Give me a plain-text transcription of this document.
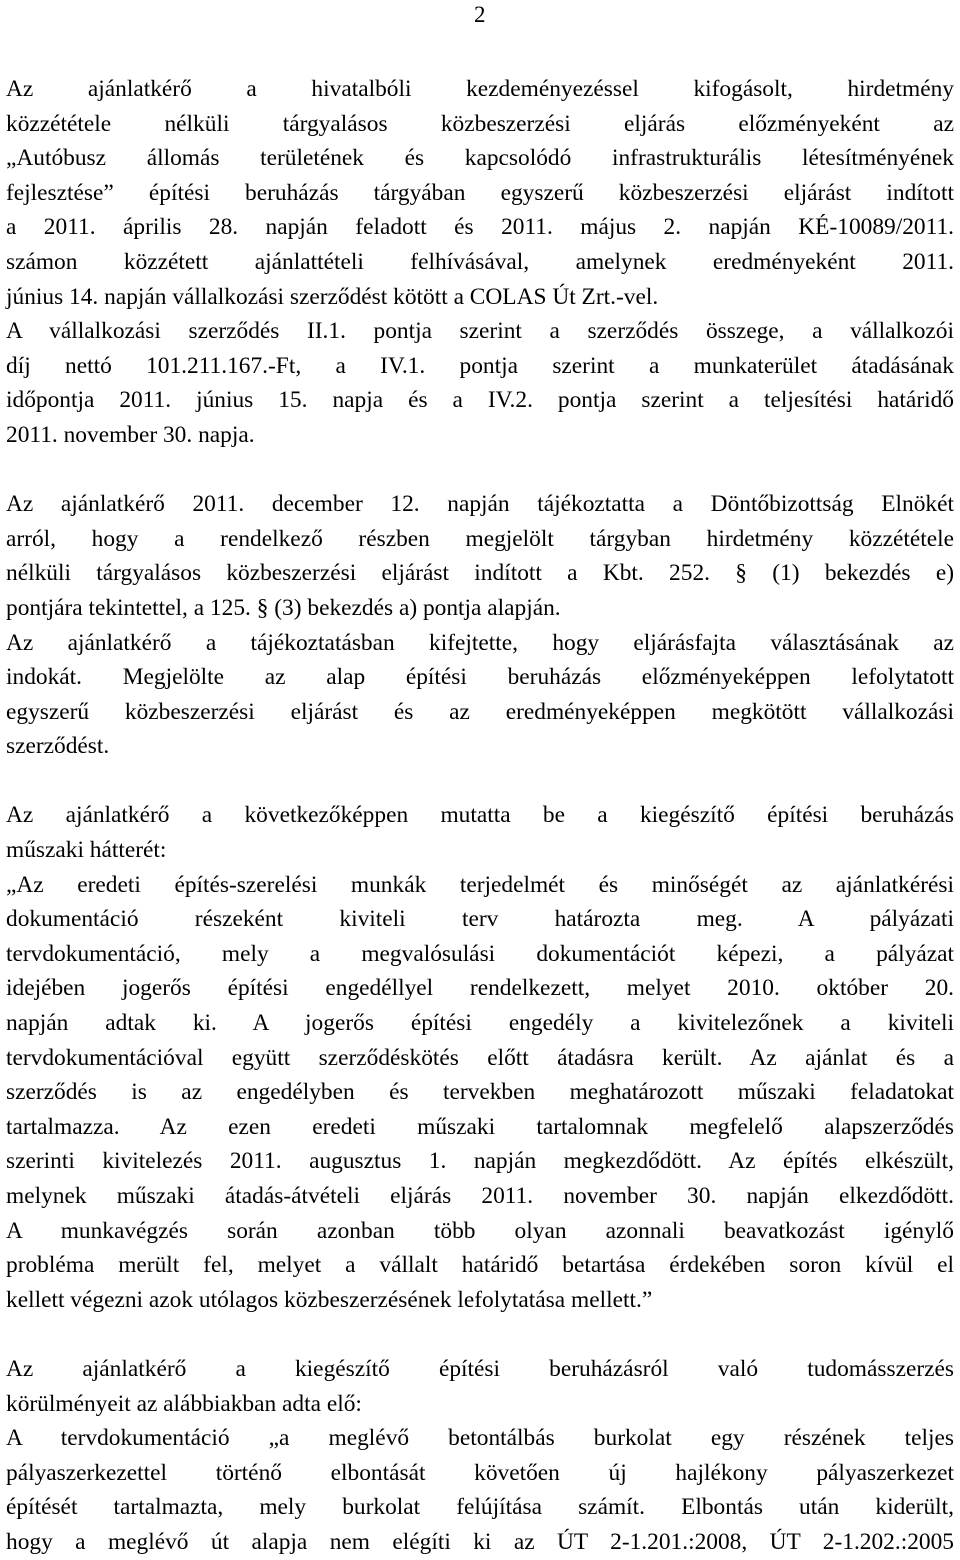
2
Az ajánlatkérő a hivatalbóli kezdeményezéssel kifogásolt, hirdetmény
közzététele nélküli tárgyalásos közbeszerzési eljárás előzményeként az
„Autóbusz állomás területének és kapcsolódó infrastrukturális létesítményének
fejlesztése” építési beruházás tárgyában egyszerű közbeszerzési eljárást indított
a 2011. április 28. napján feladott és 2011. május 2. napján KÉ-10089/2011.
számon közzétett ajánlattételi felhívásával, amelynek eredményeként 2011.
június 14. napján vállalkozási szerződést kötött a COLAS Út Zrt.-vel.
A vállalkozási szerződés II.1. pontja szerint a szerződés összege, a vállalkozói
díj nettó 101.211.167.-Ft, a IV.1. pontja szerint a munkaterület átadásának
időpontja 2011. június 15. napja és a IV.2. pontja szerint a teljesítési határidő
2011. november 30. napja.
Az ajánlatkérő 2011. december 12. napján tájékoztatta a Döntőbizottság Elnökét
arról, hogy a rendelkező részben megjelölt tárgyban hirdetmény közzététele
nélküli tárgyalásos közbeszerzési eljárást indított a Kbt. 252. § (1) bekezdés e)
pontjára tekintettel, a 125. § (3) bekezdés a) pontja alapján.
Az ajánlatkérő a tájékoztatásban kifejtette, hogy eljárásfajta választásának az
indokát. Megjelölte az alap építési beruházás előzményeképpen lefolytatott
egyszerű közbeszerzési eljárást és az eredményeképpen megkötött vállalkozási
szerződést.
Az ajánlatkérő a következőképpen mutatta be a kiegészítő építési beruházás
műszaki hátterét:
„Az eredeti építés-szerelési munkák terjedelmét és minőségét az ajánlatkérési
dokumentáció részeként kiviteli terv határozta meg. A pályázati
tervdokumentáció, mely a megvalósulási dokumentációt képezi, a pályázat
idejében jogerős építési engedéllyel rendelkezett, melyet 2010. október 20.
napján adtak ki. A jogerős építési engedély a kivitelezőnek a kiviteli
tervdokumentációval együtt szerződéskötés előtt átadásra került. Az ajánlat és a
szerződés is az engedélyben és tervekben meghatározott műszaki feladatokat
tartalmazza. Az ezen eredeti műszaki tartalomnak megfelelő alapszerződés
szerinti kivitelezés 2011. augusztus 1. napján megkezdődött. Az építés elkészült,
melynek műszaki átadás-átvételi eljárás 2011. november 30. napján elkezdődött.
A munkavégzés során azonban több olyan azonnali beavatkozást igénylő
probléma merült fel, melyet a vállalt határidő betartása érdekében soron kívül el
kellett végezni azok utólagos közbeszerzésének lefolytatása mellett.”
Az ajánlatkérő a kiegészítő építési beruházásról való tudomásszerzés
körülményeit az alábbiakban adta elő:
A tervdokumentáció „a meglévő betontálbás burkolat egy részének teljes
pályaszerkezettel történő elbontását követően új hajlékony pályaszerkezet
építését tartalmazta, mely burkolat felújítása számít. Elbontás után kiderült,
hogy a meglévő út alapja nem elégíti ki az ÚT 2-1.201.:2008, ÚT 2-1.202.:2005
